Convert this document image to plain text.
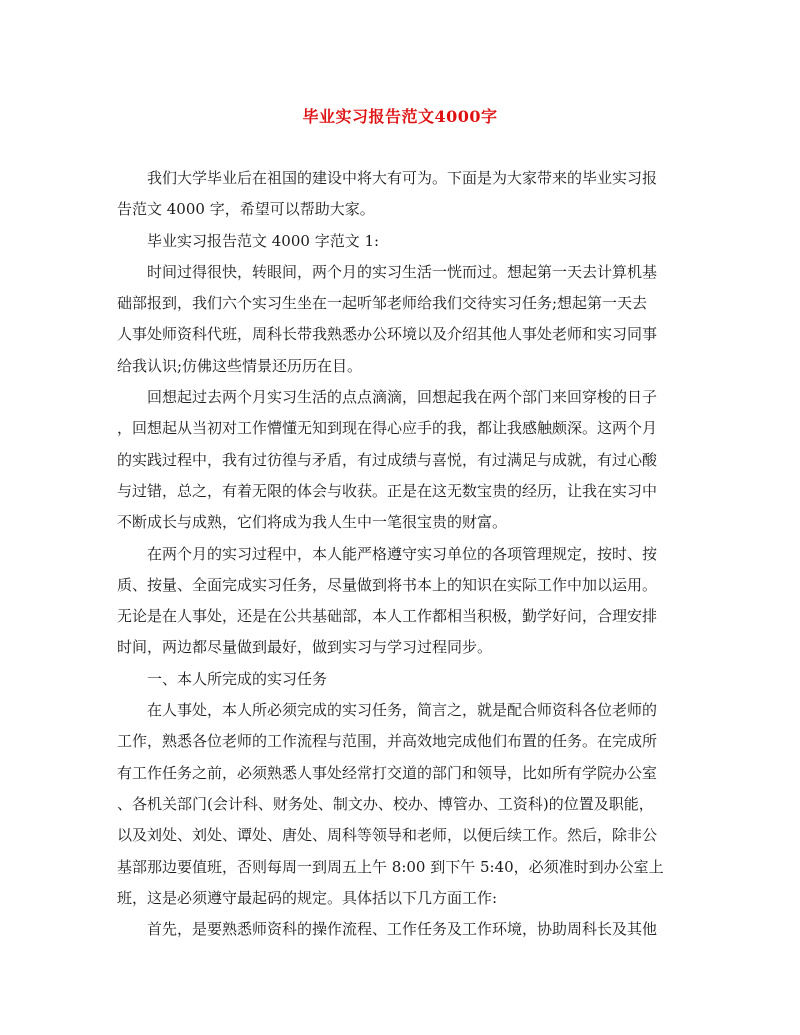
毕业实习报告范文4000字

我们大学毕业后在祖国的建设中将大有可为。下面是为大家带来的毕业实习报
告范文 4000 字，希望可以帮助大家。

毕业实习报告范文 4000 字范文 1:

时间过得很快，转眼间，两个月的实习生活一恍而过。想起第一天去计算机基
础部报到，我们六个实习生坐在一起听邹老师给我们交待实习任务;想起第一天去
人事处师资科代班，周科长带我熟悉办公环境以及介绍其他人事处老师和实习同事
给我认识;仿佛这些情景还历历在目。

回想起过去两个月实习生活的点点滴滴，回想起我在两个部门来回穿梭的日子
，回想起从当初对工作懵懂无知到现在得心应手的我，都让我感触颇深。这两个月
的实践过程中，我有过彷徨与矛盾，有过成绩与喜悦，有过满足与成就，有过心酸
与过错，总之，有着无限的体会与收获。正是在这无数宝贵的经历，让我在实习中
不断成长与成熟，它们将成为我人生中一笔很宝贵的财富。

在两个月的实习过程中，本人能严格遵守实习单位的各项管理规定，按时、按
质、按量、全面完成实习任务，尽量做到将书本上的知识在实际工作中加以运用。
无论是在人事处，还是在公共基础部，本人工作都相当积极，勤学好问，合理安排
时间，两边都尽量做到最好，做到实习与学习过程同步。

一、本人所完成的实习任务

在人事处，本人所必须完成的实习任务，简言之，就是配合师资科各位老师的
工作，熟悉各位老师的工作流程与范围，并高效地完成他们布置的任务。在完成所
有工作任务之前，必须熟悉人事处经常打交道的部门和领导，比如所有学院办公室
、各机关部门(会计科、财务处、制文办、校办、博管办、工资科)的位置及职能，
以及刘处、刘处、谭处、唐处、周科等领导和老师，以便后续工作。然后，除非公
基部那边要值班，否则每周一到周五上午 8:00 到下午 5:40，必须准时到办公室上
班，这是必须遵守最起码的规定。具体括以下几方面工作:

首先，是要熟悉师资科的操作流程、工作任务及工作环境，协助周科长及其他
